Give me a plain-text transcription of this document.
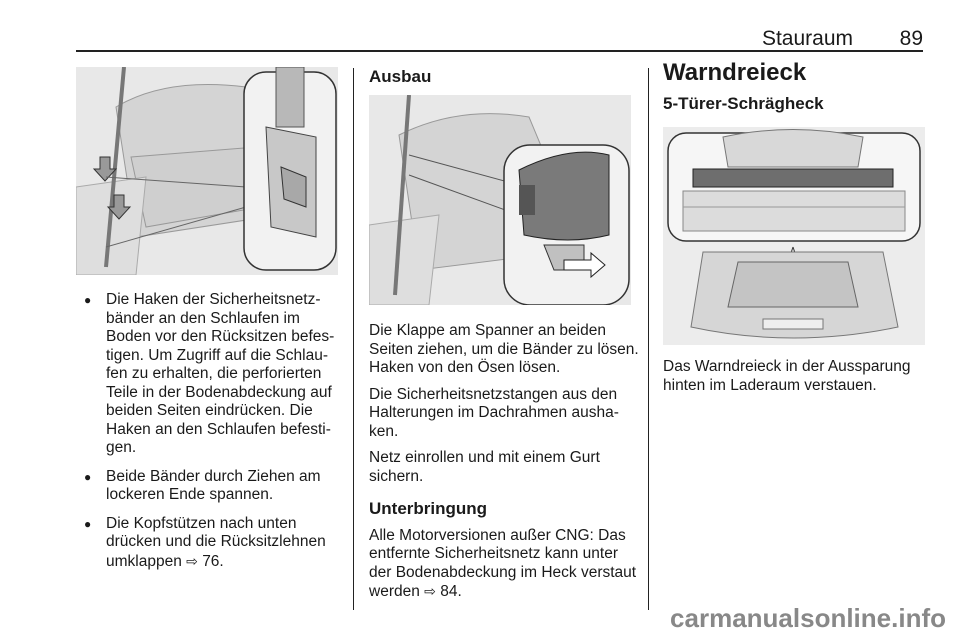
Stauraum 89
● Die Haken der Sicherheitsnetz-bänder an den Schlaufen im Boden vor den Rücksitzen befes-tigen. Um Zugriff auf die Schlau-fen zu erhalten, die perforierten Teile in der Bodenabdeckung auf beiden Seiten eindrücken. Die Haken an den Schlaufen befesti-gen.
● Beide Bänder durch Ziehen am lockeren Ende spannen.
● Die Kopfstützen nach unten drücken und die Rücksitzlehnen umklappen ⇨ 76.
Ausbau

Die Klappe am Spanner an beiden Seiten ziehen, um die Bänder zu lösen. Haken von den Ösen lösen.

Die Sicherheitsnetzstangen aus den Halterungen im Dachrahmen ausha-ken.

Netz einrollen und mit einem Gurt sichern.

Unterbringung

Alle Motorversionen außer CNG: Das entfernte Sicherheitsnetz kann unter der Bodenabdeckung im Heck verstaut werden ⇨ 84.

Warndreieck
5-Türer-Schrägheck

Das Warndreieck in der Aussparung hinten im Laderaum verstauen.

carmanualsonline.info
